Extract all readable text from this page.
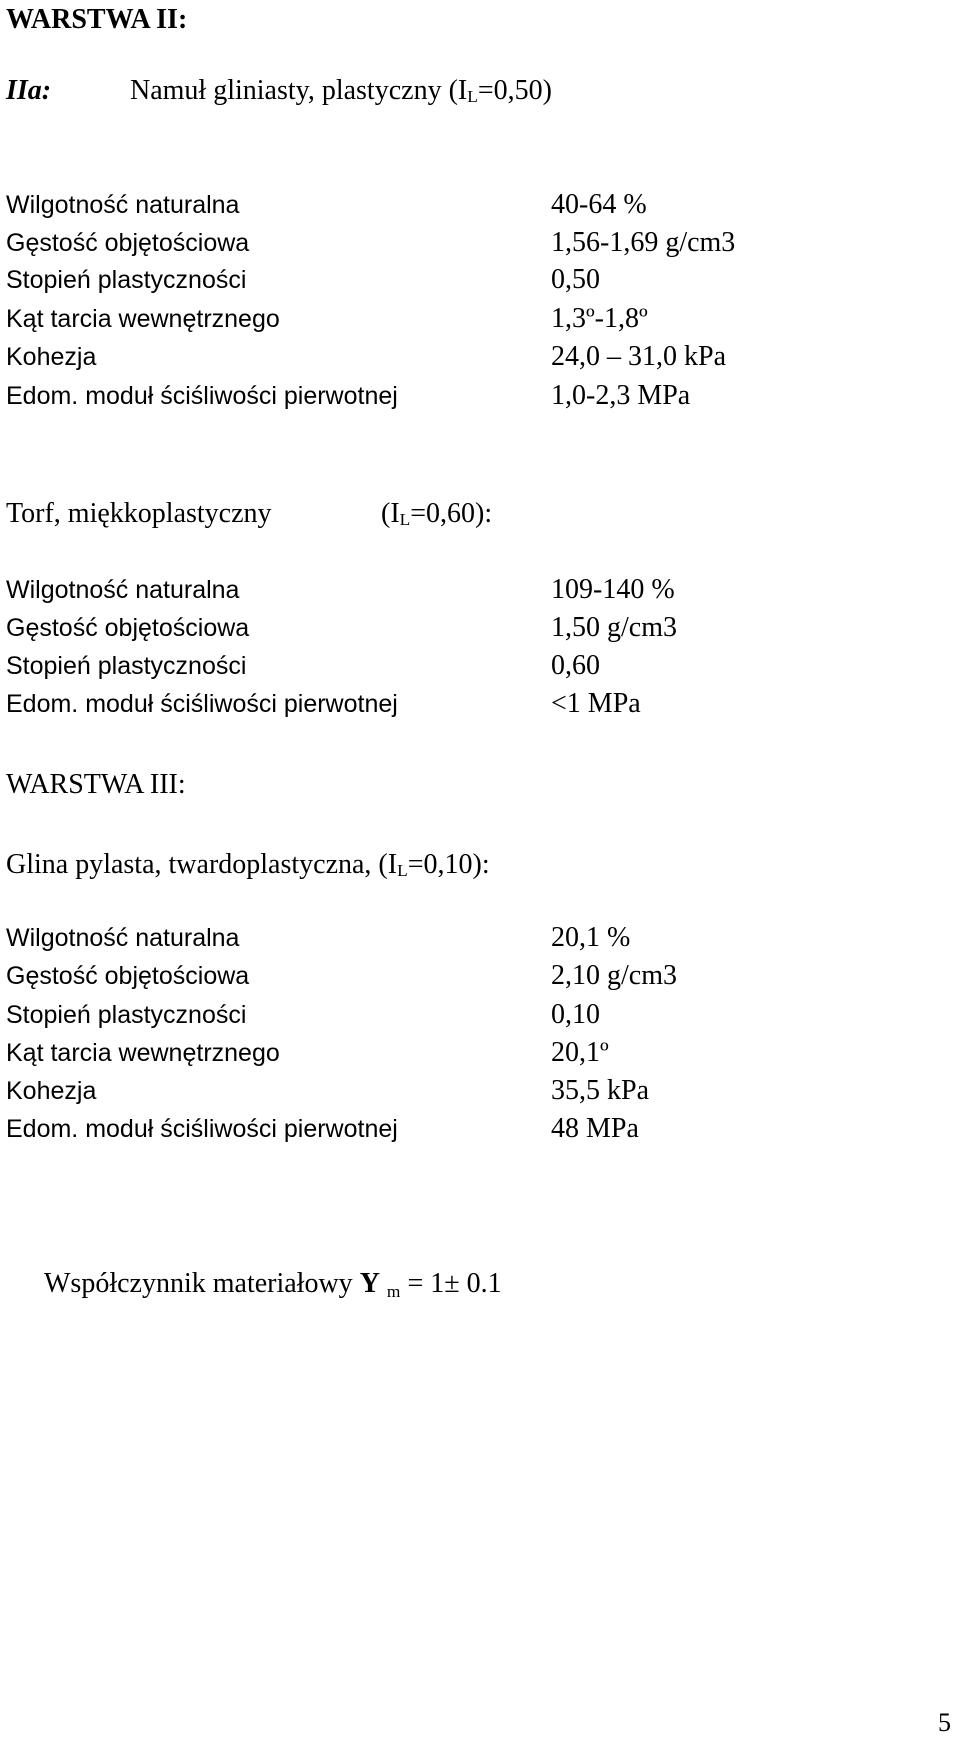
WARSTWA II:
IIa:	Namuł gliniasty, plastyczny $(I_L=0,50)$
Wilgotność naturalna	40-64 %
Gęstość objętościowa	1,56-1,69 g/cm3
Stopień plastyczności	0,50
Kąt tarcia wewnętrznego	1,3º-1,8º
Kohezja	24,0 – 31,0 kPa
Edom. moduł ściśliwości pierwotnej	1,0-2,3 MPa
Torf, miękkoplastyczny	$(I_L=0,60)$:
Wilgotność naturalna	109-140 %
Gęstość objętościowa	1,50 g/cm3
Stopień plastyczności	0,60
Edom. moduł ściśliwości pierwotnej	<1 MPa
WARSTWA III:
Glina pylasta, twardoplastyczna, $(I_L=0,10)$:
Wilgotność naturalna	20,1 %
Gęstość objętościowa	2,10 g/cm3
Stopień plastyczności	0,10
Kąt tarcia wewnętrznego	20,1º
Kohezja	35,5 kPa
Edom. moduł ściśliwości pierwotnej	48 MPa
Współczynnik materiałowy Y m = 1± 0.1
5
